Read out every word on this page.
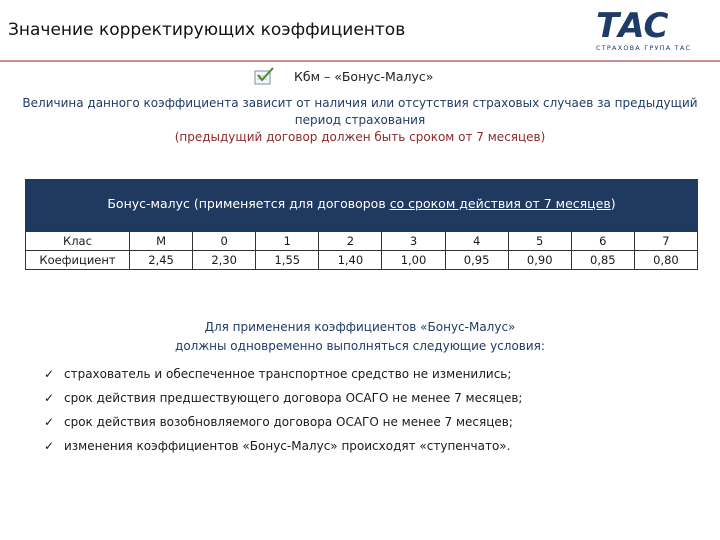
Значение корректирующих коэффициентов	ТАС
СТРАХОВА ГРУПА ТАС
Кбм – «Бонус-Малус»
Величина данного коэффициента зависит от наличия или отсутствия страховых случаев за предыдущий период страхования
(предыдущий договор должен быть сроком от 7 месяцев)
Бонус-малус (применяется для договоров со сроком действия от 7 месяцев)
Клас	М	0	1	2	3	4	5	6	7
Коефициент	2,45	2,30	1,55	1,40	1,00	0,95	0,90	0,85	0,80
Для применения коэффициентов «Бонус-Малус»
должны одновременно выполняться следующие условия:
✓ страхователь и обеспеченное транспортное средство не изменились;
✓ срок действия предшествующего договора ОСАГО не менее 7 месяцев;
✓ срок действия возобновляемого договора ОСАГО не менее 7 месяцев;
✓ изменения коэффициентов «Бонус-Малус» происходят «ступенчато».
